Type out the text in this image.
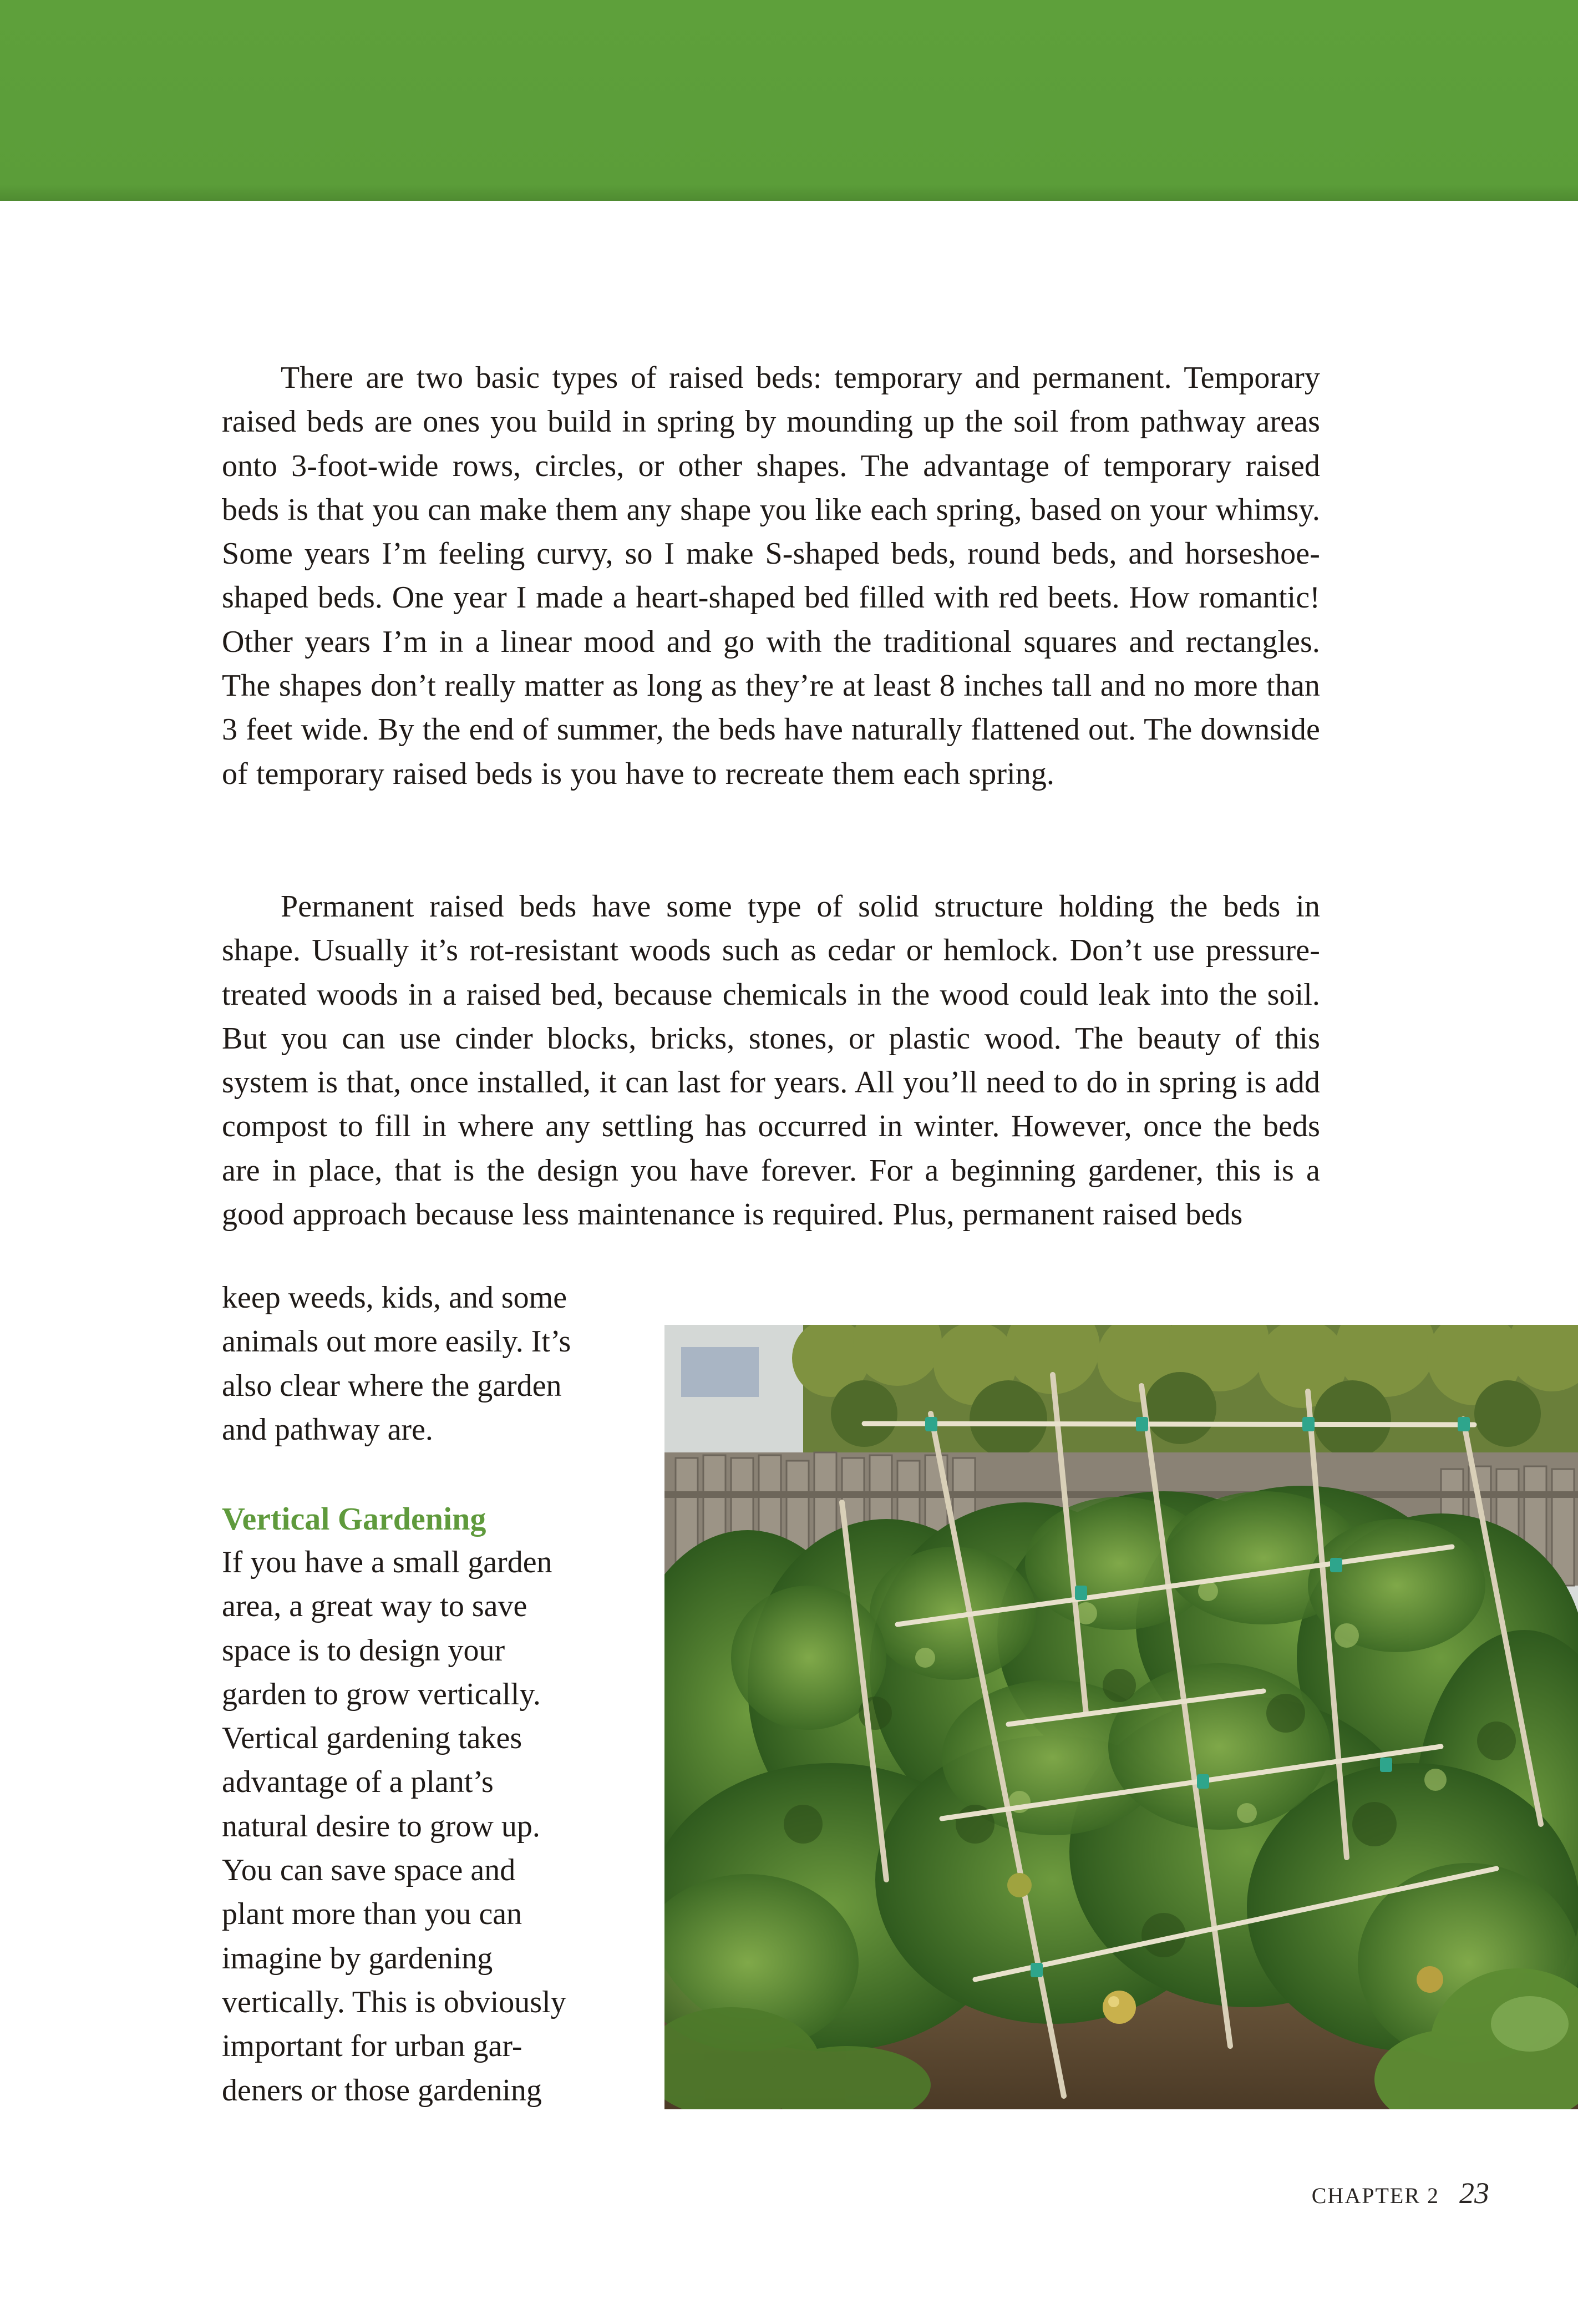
There are two basic types of raised beds: temporary and permanent. Temporary raised beds are ones you build in spring by mounding up the soil from pathway areas onto 3-foot-wide rows, circles, or other shapes. The advantage of temporary raised beds is that you can make them any shape you like each spring, based on your whimsy. Some years I’m feeling curvy, so I make S-shaped beds, round beds, and horseshoe-shaped beds. One year I made a heart-shaped bed filled with red beets. How romantic! Other years I’m in a linear mood and go with the traditional squares and rectangles. The shapes don’t really matter as long as they’re at least 8 inches tall and no more than 3 feet wide. By the end of summer, the beds have naturally flattened out. The downside of temporary raised beds is you have to recreate them each spring.

Permanent raised beds have some type of solid structure holding the beds in shape. Usually it’s rot-resistant woods such as cedar or hemlock. Don’t use pressure-treated woods in a raised bed, because chemicals in the wood could leak into the soil. But you can use cinder blocks, bricks, stones, or plastic wood. The beauty of this system is that, once installed, it can last for years. All you’ll need to do in spring is add compost to fill in where any settling has occurred in winter. However, once the beds are in place, that is the design you have forever. For a beginning gardener, this is a good approach because less maintenance is required. Plus, permanent raised beds

keep weeds, kids, and some
animals out more easily. It’s
also clear where the garden
and pathway are.
Vertical Gardening
If you have a small garden
area, a great way to save
space is to design your
garden to grow vertically.
Vertical gardening takes
advantage of a plant’s
natural desire to grow up.
You can save space and
plant more than you can
imagine by gardening
vertically. This is obviously
important for urban gar-
deners or those gardening
CHAPTER 2 23
